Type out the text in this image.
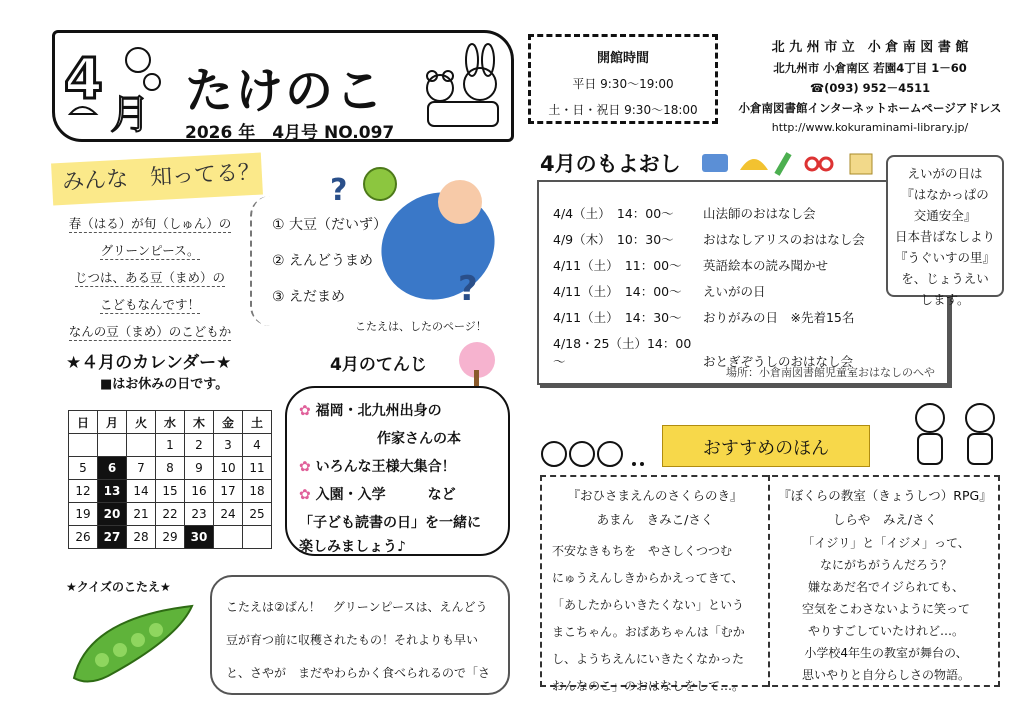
4
月 たけのこ
2026 年　4月号 NO.097
開館時間
平日 9:30～19:00
土・日・祝日 9:30～18:00
北 九 州 市 立　小 倉 南 図 書 館
北九州市 小倉南区 若園4丁目 1－60
☎(093) 952－4511
小倉南図書館インターネットホームページアドレス
http://www.kokuraminami-library.jp/
みんな　知ってる？
春（はる）が旬（しゅん）の
グリーンピース。
じつは、ある豆（まめ）の
こどもなんです！
なんの豆（まめ）のこどもか
① 大豆（だいず）
② えんどうまめ
③ えだまめ
?
?
こたえは、したのページ！
★４月のカレンダー★
■はお休みの日です。
日	月	火	水	木	金	土
			1	2	3	4
5	6	7	8	9	10	11
12	13	14	15	16	17	18
19	20	21	22	23	24	25
26	27	28	29	30		
4月のてんじ
✿ 福岡・北九州出身の
作家さんの本
✿ いろんな王様大集合！
✿ 入園・入学　　　など
「子ども読書の日」を一緒に
楽しみましょう♪
★クイズのこたえ★
こたえは②ばん！　グリーンピースは、えんどう豆が育つ前に収穫されたもの！それよりも早いと、さやが　まだやわらかく食べられるので「さ
4月のもよおし
4/4（土）　14：00～ 山法師のおはなし会
4/9（木）　10：30～ おはなしアリスのおはなし会
4/11（土）　11：00～ 英語絵本の読み聞かせ
4/11（土）　14：00～ えいがの日
4/11（土）　14：30～ おりがみの日　※先着15名
4/18・25（土）14：00～	おとぎぞうしのおはなし会
場所：小倉南図書館児童室おはなしのへや
えいがの日は
『はなかっぱの
交通安全』
日本昔ばなしより
『うぐいすの里』
を、じょうえい
します。
おすすめのほん
『おひさまえんのさくらのき』
あまん　きみこ/さく
不安なきもちを　やさしくつつむ
にゅうえんしきからかえってきて、
「あしたからいきたくない」という
まこちゃん。おばあちゃんは「むか
し、ようちえんにいきたくなかった
おんなのこ」のおはなしをして…。
『ぼくらの教室（きょうしつ）RPG』
しらや　みえ/さく
「イジリ」と「イジメ」って、
なにがちがうんだろう？
嫌なあだ名でイジられても、
空気をこわさないように笑って
やりすごしていたけれど…。
小学校4年生の教室が舞台の、
思いやりと自分らしさの物語。
